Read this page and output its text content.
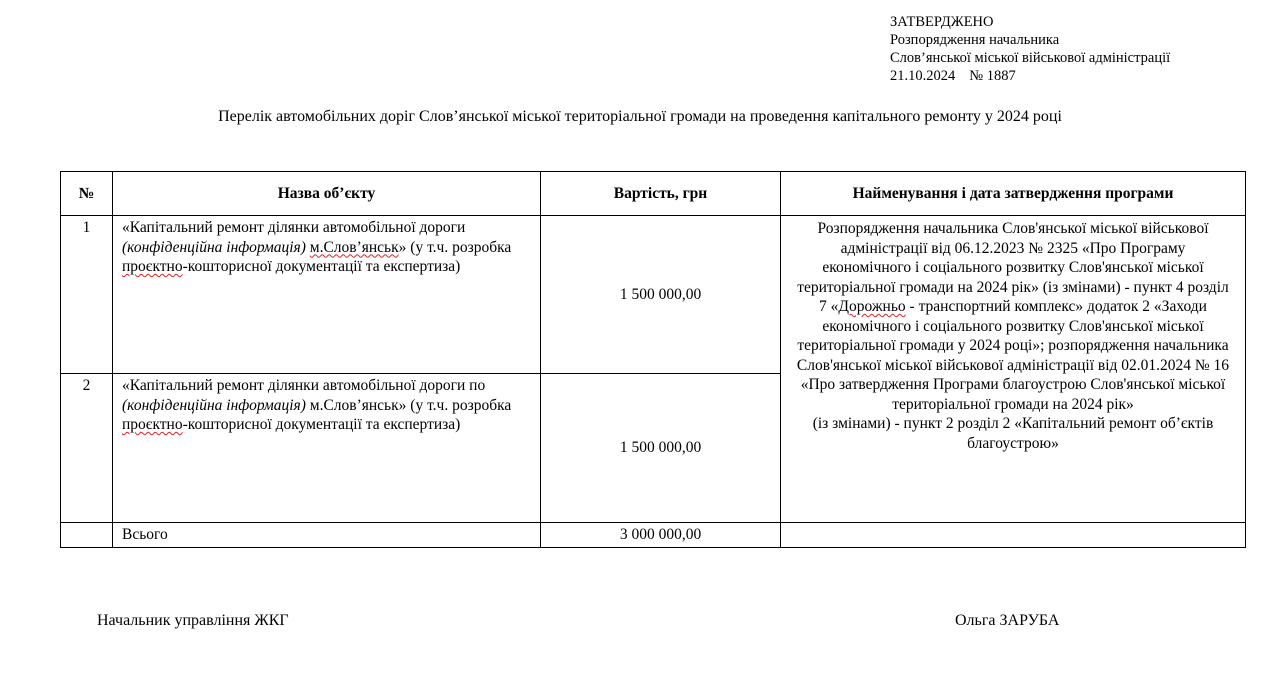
ЗАТВЕРДЖЕНО
Розпорядження начальника
Слов’янської міської військової адміністрації
21.10.2024 № 1887
Перелік автомобільних доріг Слов’янської міської територіальної громади на проведення капітального ремонту у 2024 році
№	Назва об’єкту	Вартість, грн	Найменування і дата затвердження програми
1	«Капітальний ремонт ділянки автомобільної дороги (конфіденційна інформація) м.Слов’янськ» (у т.ч. розробка проєктно-кошторисної документації та експертиза)	1 500 000,00	Розпорядження начальника Слов'янської міської військової адміністрації від 06.12.2023 № 2325 «Про Програму економічного і соціального розвитку Слов'янської міської територіальної громади на 2024 рік» (із змінами) - пункт 4 розділ 7 «Дорожньо - транспортний комплекс» додаток 2 «Заходи економічного і соціального розвитку Слов'янської міської територіальної громади у 2024 році»; розпорядження начальника Слов'янської міської військової адміністрації від 02.01.2024 № 16 «Про затвердження Програми благоустрою Слов'янської міської територіальної громади на 2024 рік»
(із змінами) - пункт 2 розділ 2 «Капітальний ремонт об’єктів благоустрою»
2	«Капітальний ремонт ділянки автомобільної дороги по (конфіденційна інформація) м.Слов’янськ» (у т.ч. розробка проєктно-кошторисної документації та експертиза)	1 500 000,00	
	Всього	3 000 000,00	
Начальник управління ЖКГ	Ольга ЗАРУБА
